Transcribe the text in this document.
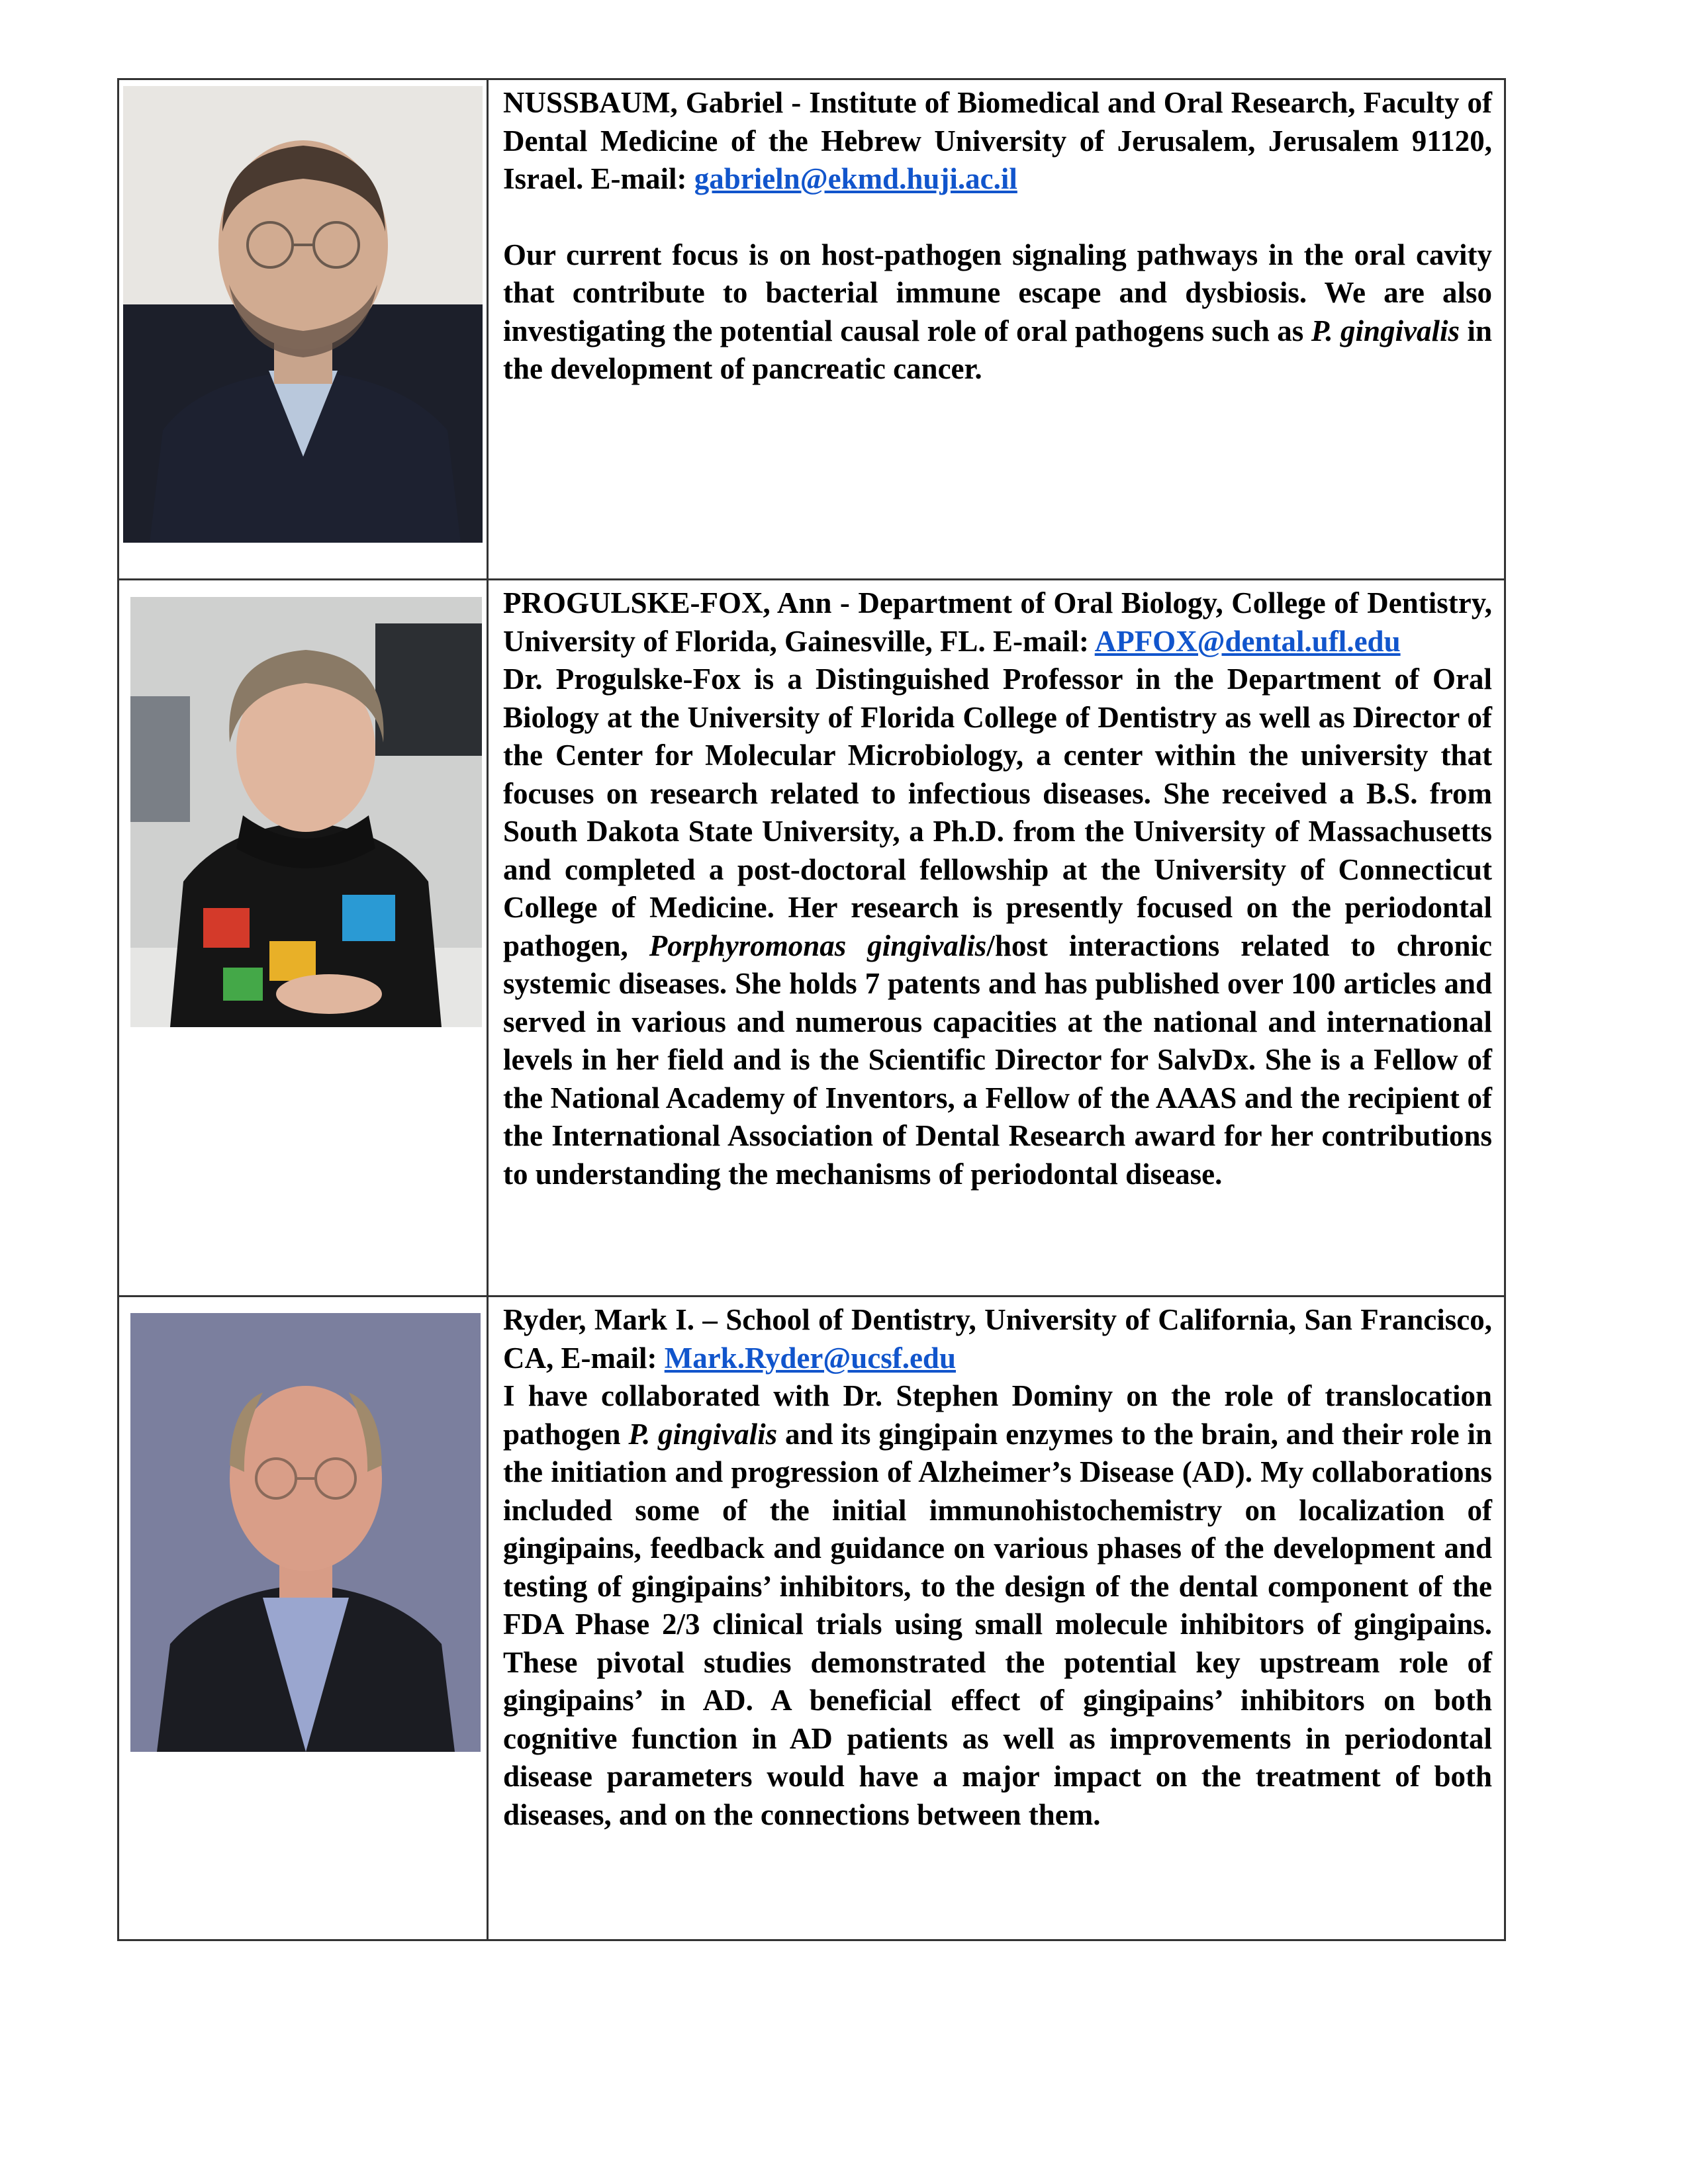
NUSSBAUM, Gabriel - Institute of Biomedical and Oral Research, Faculty of Dental Medicine of the Hebrew University of Jerusalem, Jerusalem 91120, Israel. E-mail: gabrieln@ekmd.huji.ac.il

Our current focus is on host-pathogen signaling pathways in the oral cavity that contribute to bacterial immune escape and dysbiosis. We are also investigating the potential causal role of oral pathogens such as P. gingivalis in the development of pancreatic cancer.

PROGULSKE-FOX, Ann - Department of Oral Biology, College of Dentistry, University of Florida, Gainesville, FL. E-mail: APFOX@dental.ufl.edu

Dr. Progulske-Fox is a Distinguished Professor in the Department of Oral Biology at the University of Florida College of Dentistry as well as Director of the Center for Molecular Microbiology, a center within the university that focuses on research related to infectious diseases. She received a B.S. from South Dakota State University, a Ph.D. from the University of Massachusetts and completed a post-doctoral fellowship at the University of Connecticut College of Medicine. Her research is presently focused on the periodontal pathogen, Porphyromonas gingivalis/host interactions related to chronic systemic diseases. She holds 7 patents and has published over 100 articles and served in various and numerous capacities at the national and international levels in her field and is the Scientific Director for SalvDx. She is a Fellow of the National Academy of Inventors, a Fellow of the AAAS and the recipient of the International Association of Dental Research award for her contributions to understanding the mechanisms of periodontal disease.

Ryder, Mark I. – School of Dentistry, University of California, San Francisco, CA, E-mail: Mark.Ryder@ucsf.edu

I have collaborated with Dr. Stephen Dominy on the role of translocation pathogen P. gingivalis and its gingipain enzymes to the brain, and their role in the initiation and progression of Alzheimer’s Disease (AD). My collaborations included some of the initial immunohistochemistry on localization of gingipains, feedback and guidance on various phases of the development and testing of gingipains’ inhibitors, to the design of the dental component of the FDA Phase 2/3 clinical trials using small molecule inhibitors of gingipains. These pivotal studies demonstrated the potential key upstream role of gingipains’ in AD. A beneficial effect of gingipains’ inhibitors on both cognitive function in AD patients as well as improvements in periodontal disease parameters would have a major impact on the treatment of both diseases, and on the connections between them.
